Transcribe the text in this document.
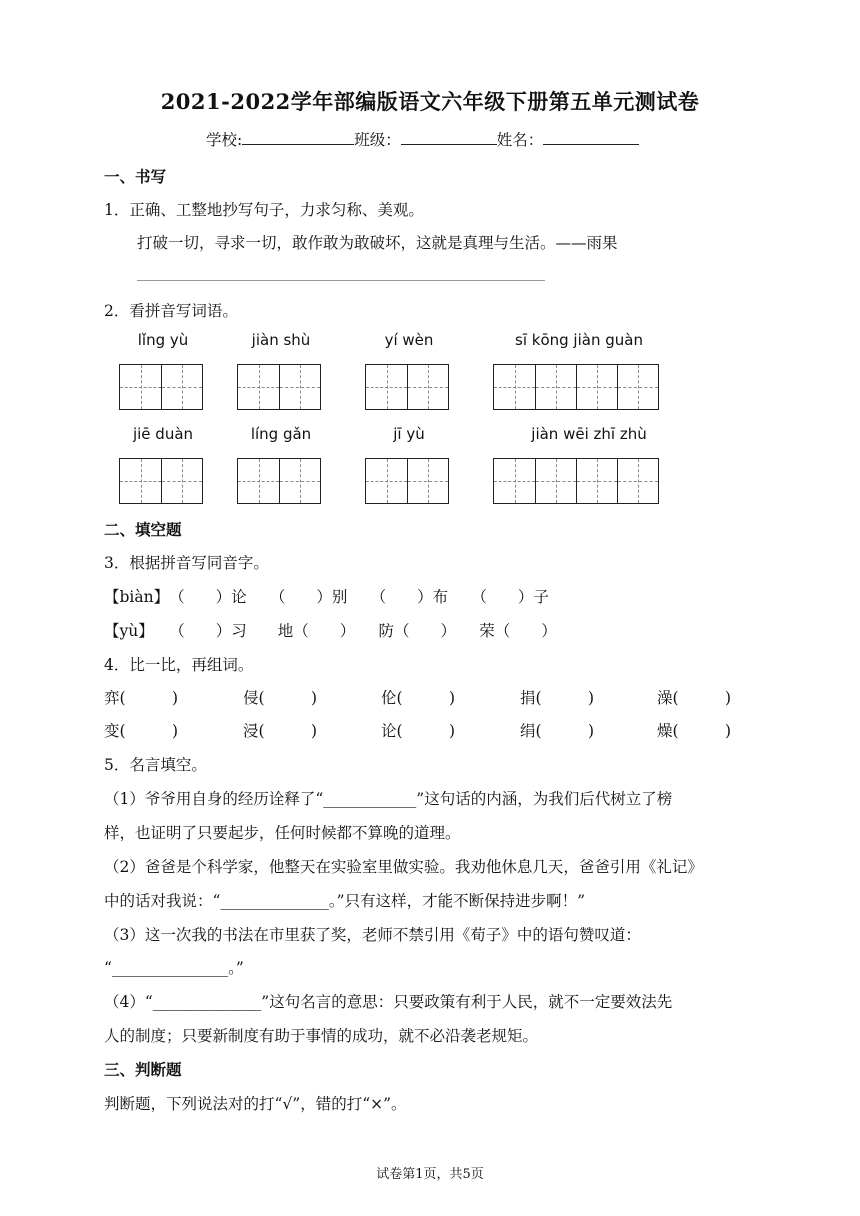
2021-2022学年部编版语文六年级下册第五单元测试卷
学校:	班级：	姓名：
一、书写
1．正确、工整地抄写句子，力求匀称、美观。
打破一切，寻求一切，敢作敢为敢破坏，这就是真理与生活。——雨果
2．看拼音写词语。
lǐng yù	jiàn shù	yí wèn	sī kōng jiàn guàn
jiē duàn	líng gǎn	jī yù	jiàn wēi zhī zhù
二、填空题
3．根据拼音写同音字。
【biàn】　（　　）论　　（　　）别　　（　　）布　　（　　）子
【yù】　　（　　）习　　地（　　）　　防（　　）　　荣（　　）
4．比一比，再组词。
弈(　　　)	侵(　　　)	伦(　　　)	捐(　　　)	澡(　　　)
变(　　　)	浸(　　　)	论(　　　)	绢(　　　)	燥(　　　)
5．名言填空。
（1）爷爷用自身的经历诠释了“____________”这句话的内涵，为我们后代树立了榜
样，也证明了只要起步，任何时候都不算晚的道理。
（2）爸爸是个科学家，他整天在实验室里做实验。我劝他休息几天，爸爸引用《礼记》
中的话对我说：“______________。”只有这样，才能不断保持进步啊！”
（3）这一次我的书法在市里获了奖，老师不禁引用《荀子》中的语句赞叹道：
“_______________。”
（4）“______________”这句名言的意思：只要政策有利于人民，就不一定要效法先
人的制度；只要新制度有助于事情的成功，就不必沿袭老规矩。
三、判断题
判断题，下列说法对的打“√”，错的打“×”。
试卷第1页，共5页
